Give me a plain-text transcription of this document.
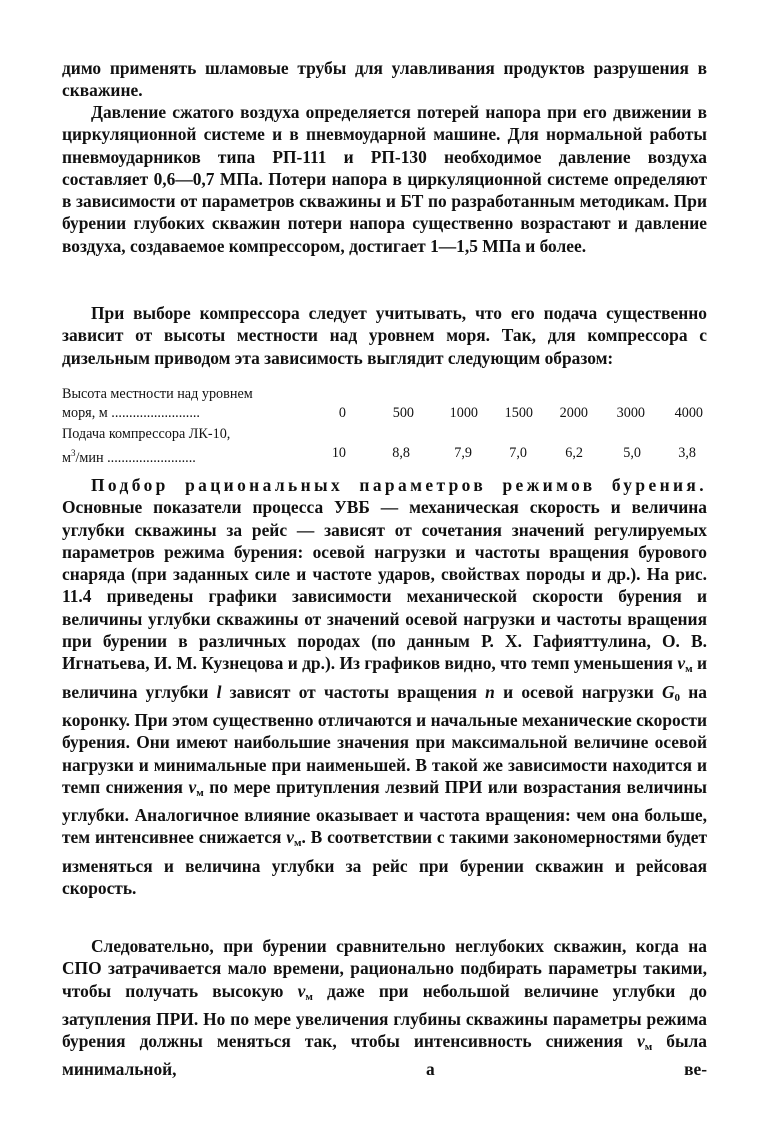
димо применять шламовые трубы для улавливания продуктов разрушения в скважине.

Давление сжатого воздуха определяется потерей напора при его движении в циркуляционной системе и в пневмоударной машине. Для нормальной работы пневмоударников типа РП-111 и РП-130 необходимое давление воздуха составляет 0,6—0,7 МПа. Потери напора в циркуляционной системе определяют в зависимости от параметров скважины и БТ по разработанным методикам. При бурении глубоких скважин потери напора существенно возрастают и давление воздуха, создаваемое компрессором, достигает 1—1,5 МПа и более.

При выборе компрессора следует учитывать, что его подача существенно зависит от высоты местности над уровнем моря. Так, для компрессора с дизельным приводом эта зависимость выглядит следующим образом:

Высота местности над уровнем
моря, м .........................	0	500	1000	1500	2000	3000	4000
Подача компрессора ЛК-10,
$м^3$/мин .........................	10	8,8	7,9	7,0	6,2	5,0	3,8

Подбор рациональных параметров режимов бурения. Основные показатели процесса УВБ — механическая скорость и величина углубки скважины за рейс — зависят от сочетания значений регулируемых параметров режима бурения: осевой нагрузки и частоты вращения бурового снаряда (при заданных силе и частоте ударов, свойствах породы и др.). На рис. 11.4 приведены графики зависимости механической скорости бурения и величины углубки скважины от значений осевой нагрузки и частоты вращения при бурении в различных породах (по данным Р. Х. Гафияттулина, О. В. Игнатьева, И. М. Кузнецова и др.). Из графиков видно, что темп уменьшения $v_м$ и величина углубки l зависят от частоты вращения n и осевой нагрузки $G_0$ на коронку. При этом существенно отличаются и начальные механические скорости бурения. Они имеют наибольшие значения при максимальной величине осевой нагрузки и минимальные при наименьшей. В такой же зависимости находится и темп снижения $v_м$ по мере притупления лезвий ПРИ или возрастания величины углубки. Аналогичное влияние оказывает и частота вращения: чем она больше, тем интенсивнее снижается $v_м$. В соответствии с такими закономерностями будет изменяться и величина углубки за рейс при бурении скважин и рейсовая скорость.

Следовательно, при бурении сравнительно неглубоких скважин, когда на СПО затрачивается мало времени, рационально подбирать параметры такими, чтобы получать высокую $v_м$ даже при небольшой величине углубки до затупления ПРИ. Но по мере увеличения глубины скважины параметры режима бурения должны меняться так, чтобы интенсивность снижения $v_м$ была минимальной, а ве-
